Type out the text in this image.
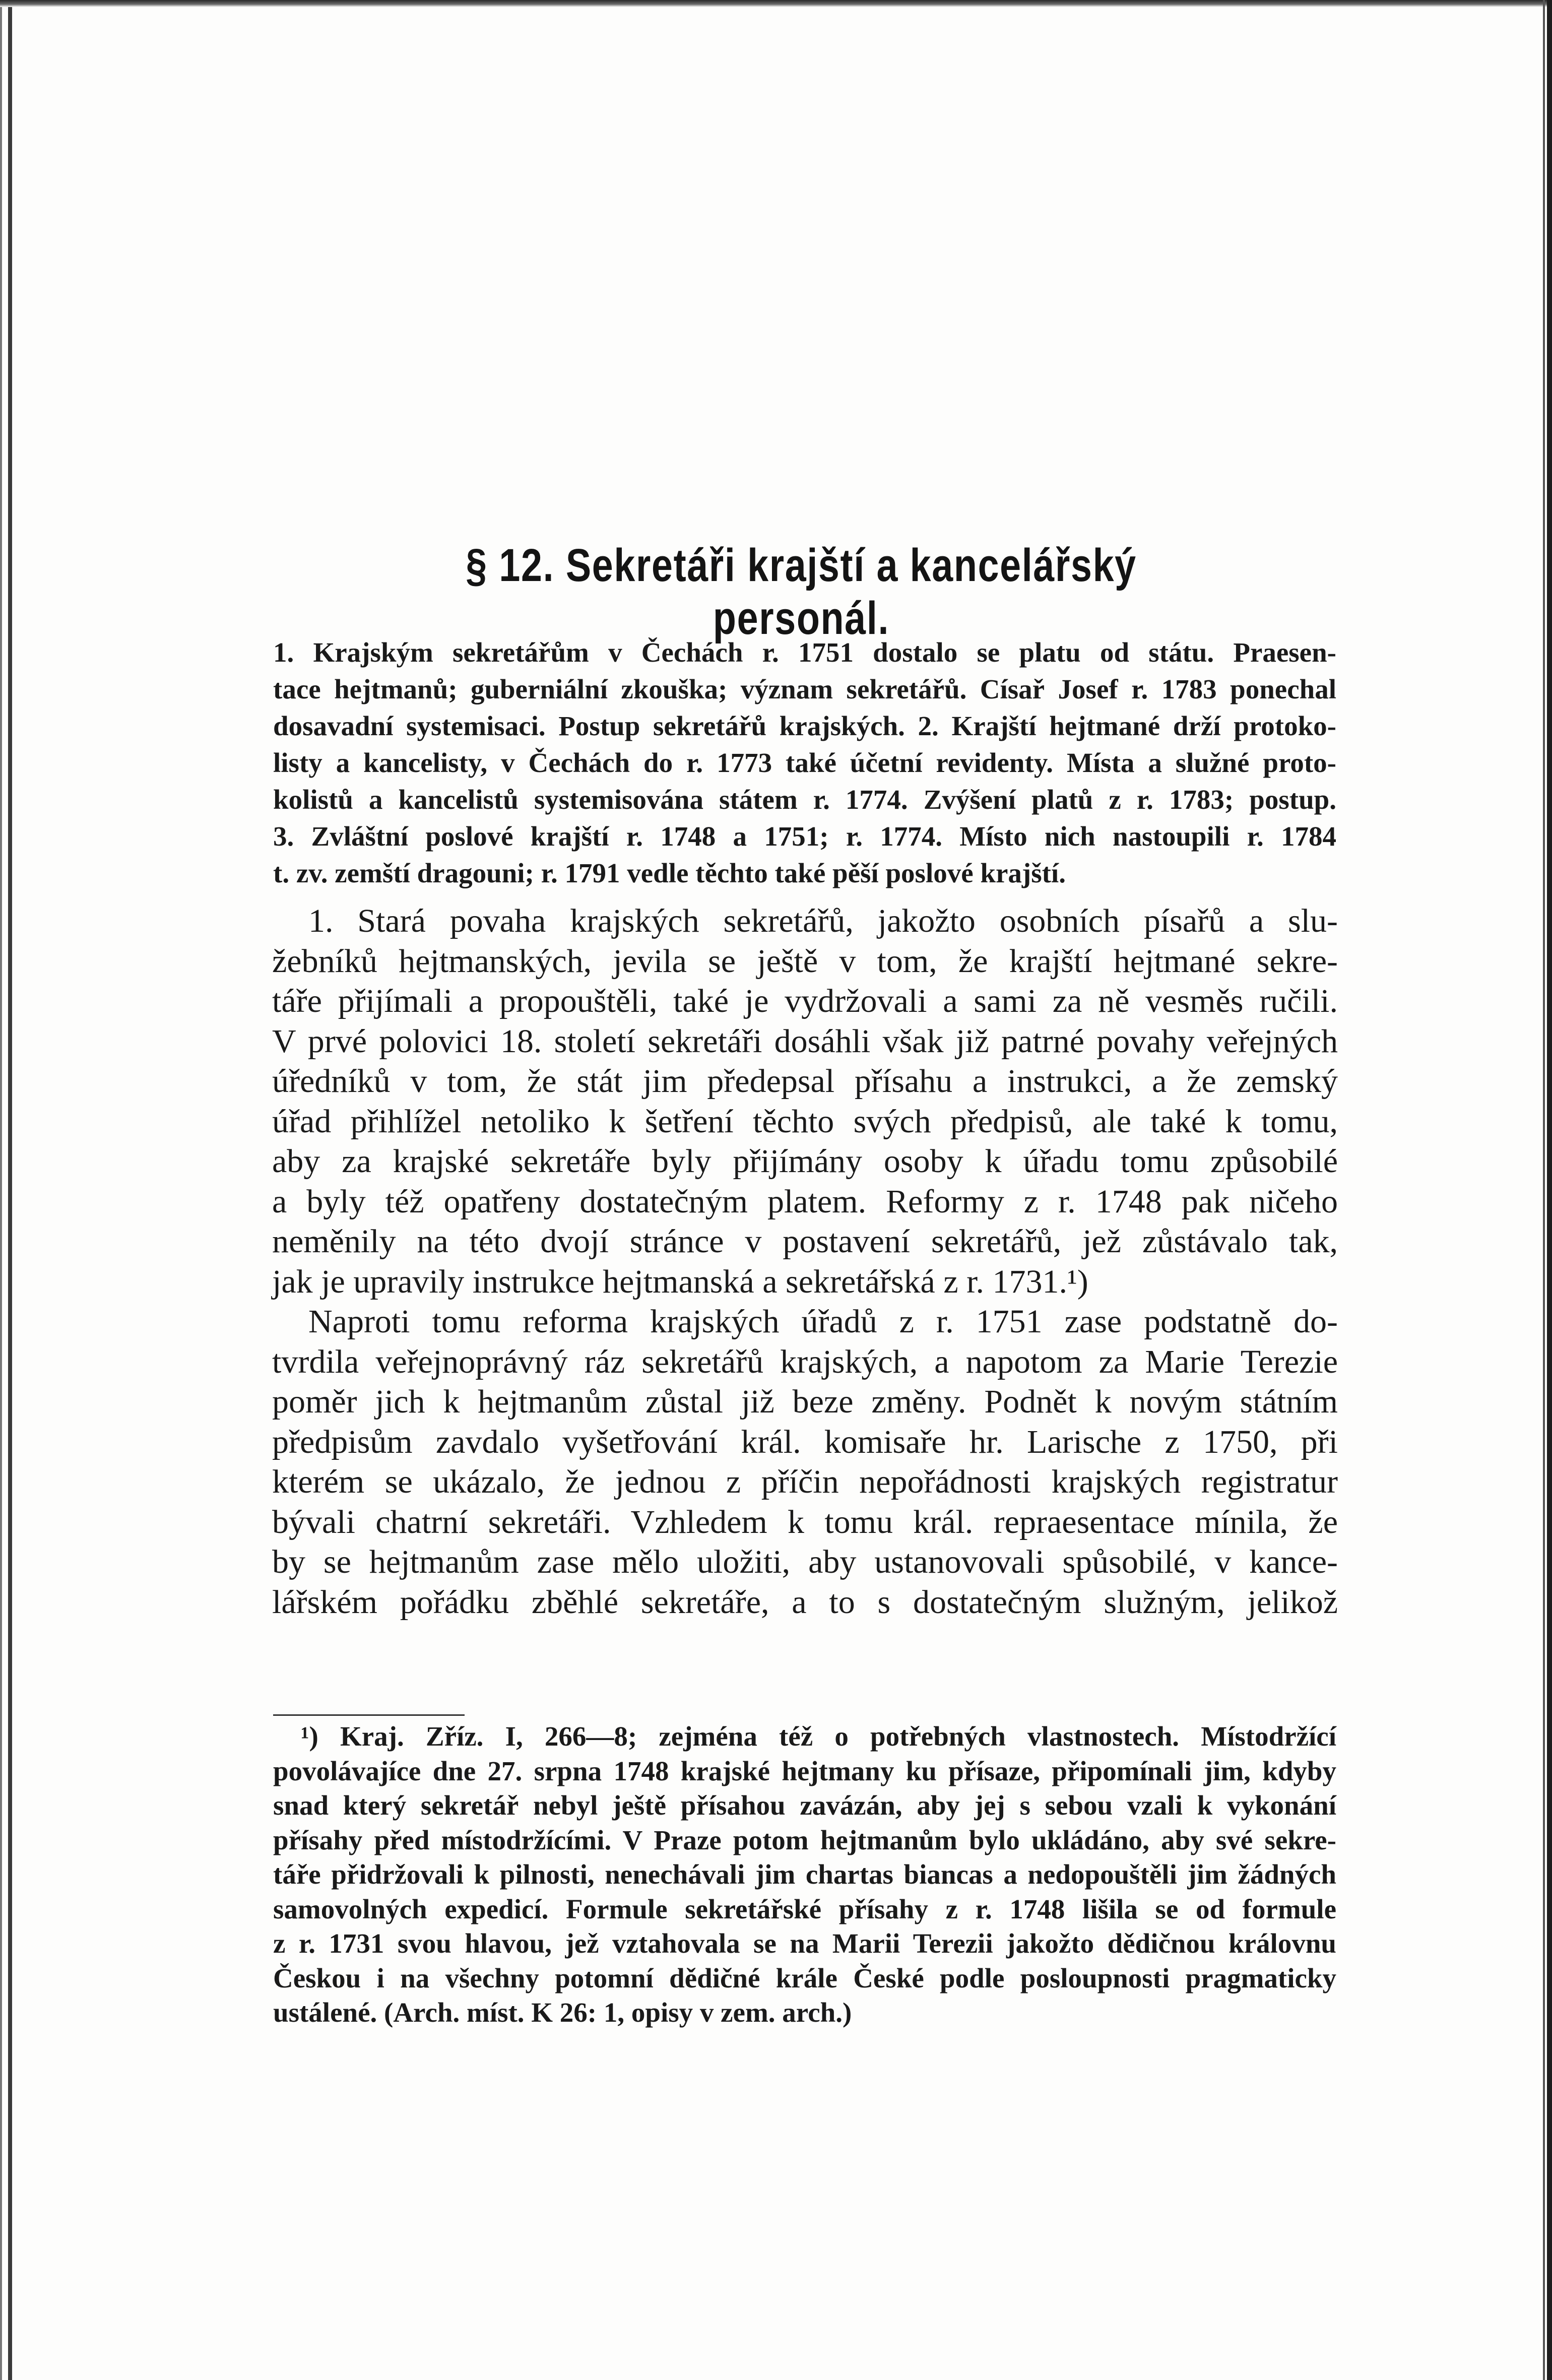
§ 12. Sekretáři krajští a kancelářský personál.
1. Krajským sekretářům v Čechách r. 1751 dostalo se platu od státu. Praesen-
tace hejtmanů; guberniální zkouška; význam sekretářů. Císař Josef r. 1783 ponechal
dosavadní systemisaci. Postup sekretářů krajských. 2. Krajští hejtmané drží protoko-
listy a kancelisty, v Čechách do r. 1773 také účetní revidenty. Místa a služné proto-
kolistů a kancelistů systemisována státem r. 1774. Zvýšení platů z r. 1783; postup.
3. Zvláštní poslové krajští r. 1748 a 1751; r. 1774. Místo nich nastoupili r. 1784
t. zv. zemští dragouni; r. 1791 vedle těchto také pěší poslové krajští.
1. Stará povaha krajských sekretářů, jakožto osobních písařů a slu-
žebníků hejtmanských, jevila se ještě v tom, že krajští hejtmané sekre-
táře přijímali a propouštěli, také je vydržovali a sami za ně vesměs ručili.
V prvé polovici 18. století sekretáři dosáhli však již patrné povahy veřejných
úředníků v tom, že stát jim předepsal přísahu a instrukci, a že zemský
úřad přihlížel netoliko k šetření těchto svých předpisů, ale také k tomu,
aby za krajské sekretáře byly přijímány osoby k úřadu tomu způsobilé
a byly též opatřeny dostatečným platem. Reformy z r. 1748 pak ničeho
neměnily na této dvojí stránce v postavení sekretářů, jež zůstávalo tak,
jak je upravily instrukce hejtmanská a sekretářská z r. 1731.¹)
Naproti tomu reforma krajských úřadů z r. 1751 zase podstatně do-
tvrdila veřejnoprávný ráz sekretářů krajských, a napotom za Marie Terezie
poměr jich k hejtmanům zůstal již beze změny. Podnět k novým státním
předpisům zavdalo vyšetřování král. komisaře hr. Larische z 1750, při
kterém se ukázalo, že jednou z příčin nepořádnosti krajských registratur
bývali chatrní sekretáři. Vzhledem k tomu král. repraesentace mínila, že
by se hejtmanům zase mělo uložiti, aby ustanovovali spůsobilé, v kance-
lářském pořádku zběhlé sekretáře, a to s dostatečným služným, jelikož
¹) Kraj. Zříz. I, 266—8; zejména též o potřebných vlastnostech. Místodržící
povolávajíce dne 27. srpna 1748 krajské hejtmany ku přísaze, připomínali jim, kdyby
snad který sekretář nebyl ještě přísahou zavázán, aby jej s sebou vzali k vykonání
přísahy před místodržícími. V Praze potom hejtmanům bylo ukládáno, aby své sekre-
táře přidržovali k pilnosti, nenechávali jim chartas biancas a nedopouštěli jim žádných
samovolných expedicí. Formule sekretářské přísahy z r. 1748 lišila se od formule
z r. 1731 svou hlavou, jež vztahovala se na Marii Terezii jakožto dědičnou královnu
Českou i na všechny potomní dědičné krále České podle posloupnosti pragmaticky
ustálené. (Arch. míst. K 26: 1, opisy v zem. arch.)
